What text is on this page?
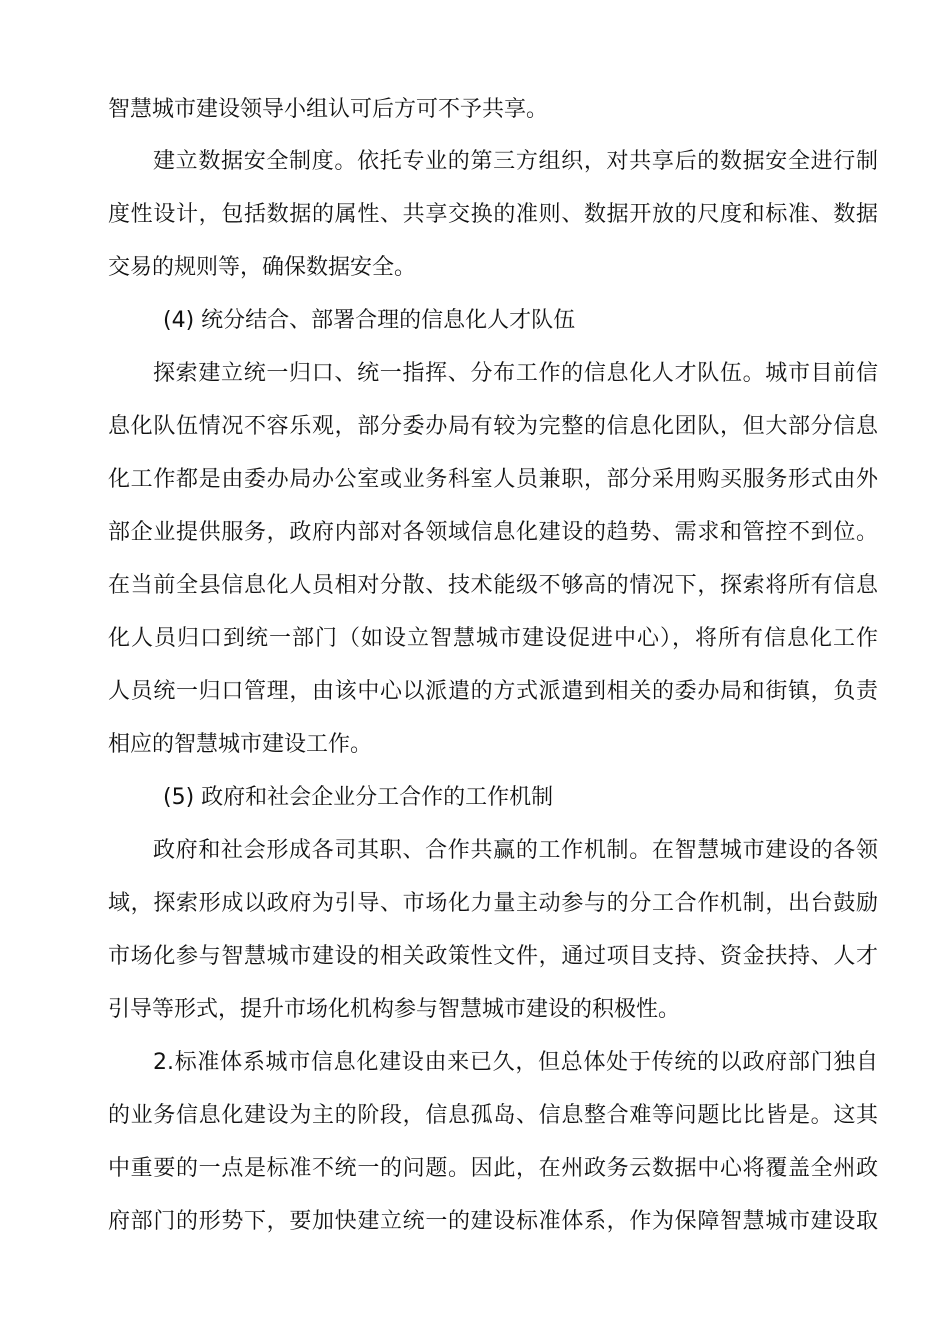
智慧城市建设领导小组认可后方可不予共享。
建立数据安全制度。依托专业的第三方组织，对共享后的数据安全进行制
度性设计，包括数据的属性、共享交换的准则、数据开放的尺度和标准、数据
交易的规则等，确保数据安全。
(4) 统分结合、部署合理的信息化人才队伍
探索建立统一归口、统一指挥、分布工作的信息化人才队伍。城市目前信
息化队伍情况不容乐观，部分委办局有较为完整的信息化团队，但大部分信息
化工作都是由委办局办公室或业务科室人员兼职，部分采用购买服务形式由外
部企业提供服务，政府内部对各领域信息化建设的趋势、需求和管控不到位。
在当前全县信息化人员相对分散、技术能级不够高的情况下，探索将所有信息
化人员归口到统一部门（如设立智慧城市建设促进中心），将所有信息化工作
人员统一归口管理，由该中心以派遣的方式派遣到相关的委办局和街镇，负责
相应的智慧城市建设工作。
(5) 政府和社会企业分工合作的工作机制
政府和社会形成各司其职、合作共赢的工作机制。在智慧城市建设的各领
域，探索形成以政府为引导、市场化力量主动参与的分工合作机制，出台鼓励
市场化参与智慧城市建设的相关政策性文件，通过项目支持、资金扶持、人才
引导等形式，提升市场化机构参与智慧城市建设的积极性。
2.标准体系城市信息化建设由来已久，但总体处于传统的以政府部门独自
的业务信息化建设为主的阶段，信息孤岛、信息整合难等问题比比皆是。这其
中重要的一点是标准不统一的问题。因此，在州政务云数据中心将覆盖全州政
府部门的形势下，要加快建立统一的建设标准体系，作为保障智慧城市建设取
